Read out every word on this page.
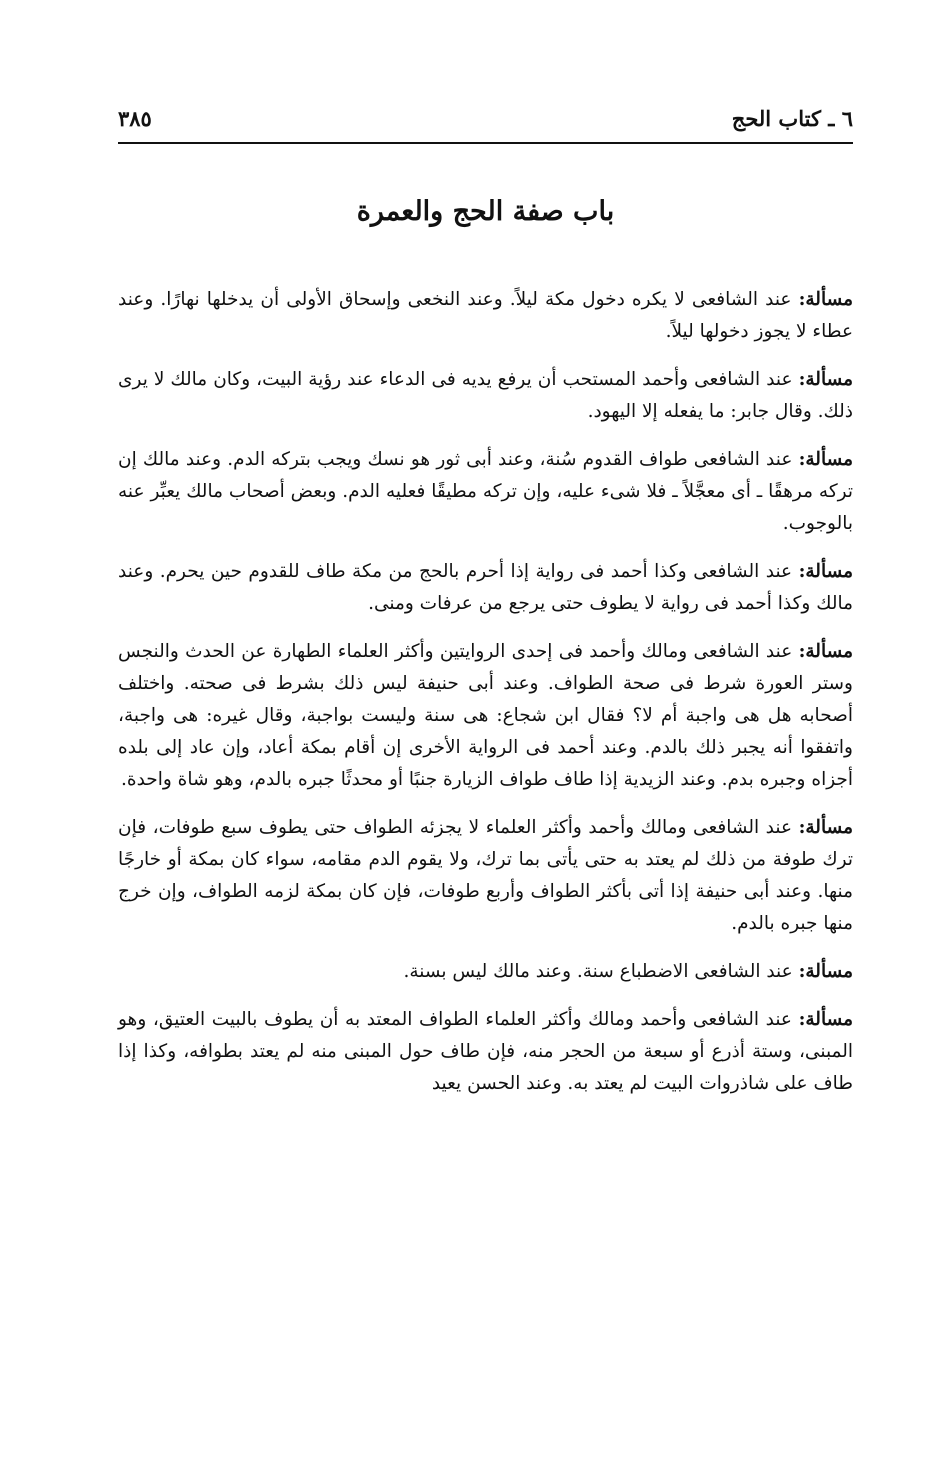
٦ ـ كتاب الحج
٣٨٥
باب صفة الحج والعمرة

مسألة: عند الشافعى لا يكره دخول مكة ليلاً. وعند النخعى وإسحاق الأولى أن يدخلها نهارًا. وعند عطاء لا يجوز دخولها ليلاً.

مسألة: عند الشافعى وأحمد المستحب أن يرفع يديه فى الدعاء عند رؤية البيت، وكان مالك لا يرى ذلك. وقال جابر: ما يفعله إلا اليهود.

مسألة: عند الشافعى طواف القدوم سُنة، وعند أبى ثور هو نسك ويجب بتركه الدم. وعند مالك إن تركه مرهقًا ـ أى معجَّلاً ـ فلا شىء عليه، وإن تركه مطيقًا فعليه الدم. وبعض أصحاب مالك يعبِّر عنه بالوجوب.

مسألة: عند الشافعى وكذا أحمد فى رواية إذا أحرم بالحج من مكة طاف للقدوم حين يحرم. وعند مالك وكذا أحمد فى رواية لا يطوف حتى يرجع من عرفات ومنى.

مسألة: عند الشافعى ومالك وأحمد فى إحدى الروايتين وأكثر العلماء الطهارة عن الحدث والنجس وستر العورة شرط فى صحة الطواف. وعند أبى حنيفة ليس ذلك بشرط فى صحته. واختلف أصحابه هل هى واجبة أم لا؟ فقال ابن شجاع: هى سنة وليست بواجبة، وقال غيره: هى واجبة، واتفقوا أنه يجبر ذلك بالدم. وعند أحمد فى الرواية الأخرى إن أقام بمكة أعاد، وإن عاد إلى بلده أجزاه وجبره بدم. وعند الزيدية إذا طاف طواف الزيارة جنبًا أو محدثًا جبره بالدم، وهو شاة واحدة.

مسألة: عند الشافعى ومالك وأحمد وأكثر العلماء لا يجزئه الطواف حتى يطوف سبع طوفات، فإن ترك طوفة من ذلك لم يعتد به حتى يأتى بما ترك، ولا يقوم الدم مقامه، سواء كان بمكة أو خارجًا منها. وعند أبى حنيفة إذا أتى بأكثر الطواف وأربع طوفات، فإن كان بمكة لزمه الطواف، وإن خرج منها جبره بالدم.

مسألة: عند الشافعى الاضطباع سنة. وعند مالك ليس بسنة.

مسألة: عند الشافعى وأحمد ومالك وأكثر العلماء الطواف المعتد به أن يطوف بالبيت العتيق، وهو المبنى، وستة أذرع أو سبعة من الحجر منه، فإن طاف حول المبنى منه لم يعتد بطوافه، وكذا إذا طاف على شاذروات البيت لم يعتد به. وعند الحسن يعيد
